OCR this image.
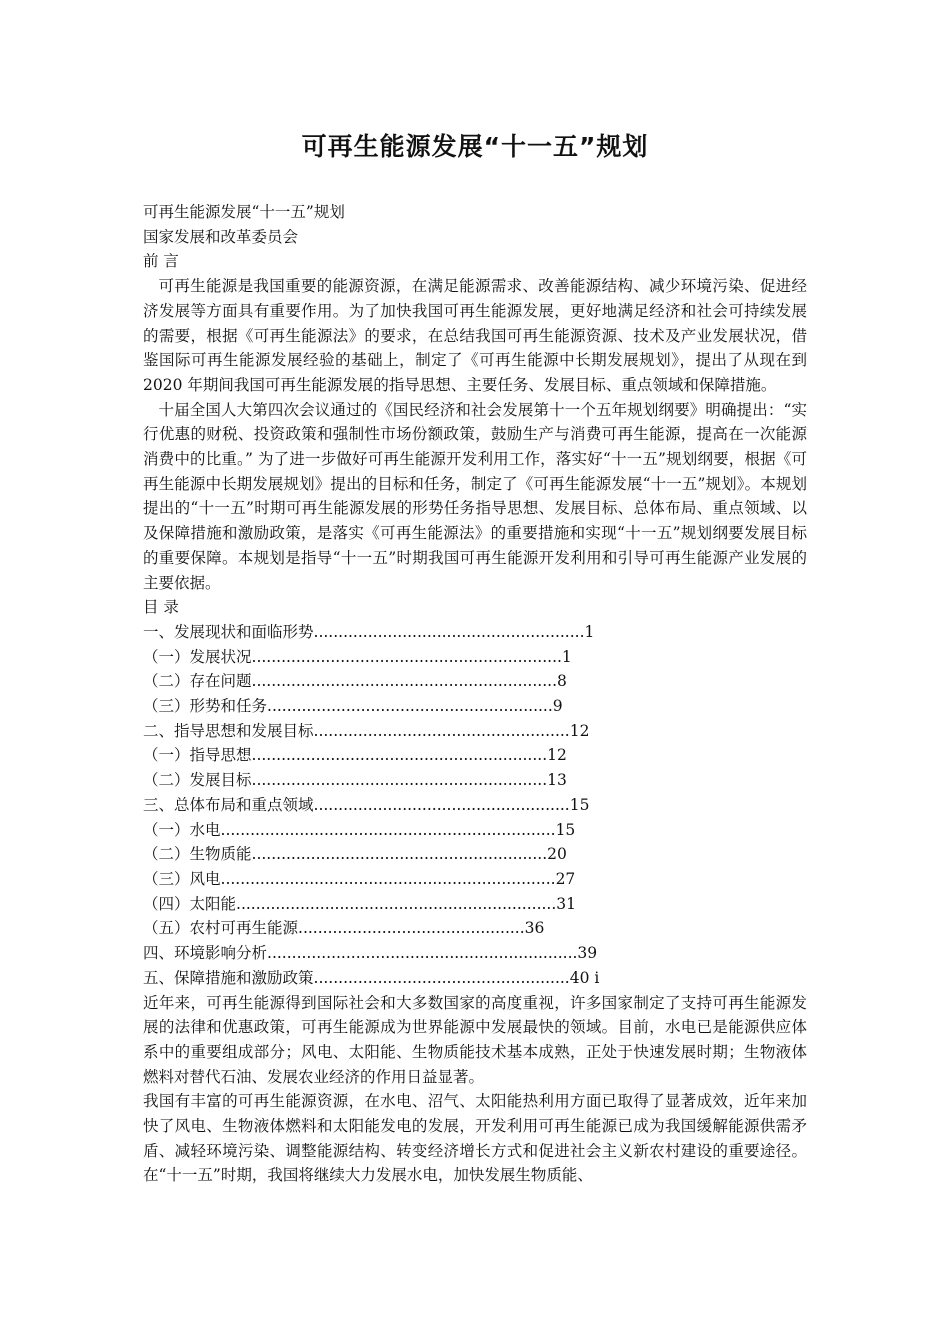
可再生能源发展“十一五”规划
可再生能源发展“十一五”规划
国家发展和改革委员会
前 言
可再生能源是我国重要的能源资源，在满足能源需求、改善能源结构、减少环境污染、促进经济发展等方面具有重要作用。为了加快我国可再生能源发展，更好地满足经济和社会可持续发展的需要，根据《可再生能源法》的要求，在总结我国可再生能源资源、技术及产业发展状况，借鉴国际可再生能源发展经验的基础上，制定了《可再生能源中长期发展规划》，提出了从现在到 2020 年期间我国可再生能源发展的指导思想、主要任务、发展目标、重点领域和保障措施。
十届全国人大第四次会议通过的《国民经济和社会发展第十一个五年规划纲要》明确提出：“实行优惠的财税、投资政策和强制性市场份额政策，鼓励生产与消费可再生能源，提高在一次能源消费中的比重。” 为了进一步做好可再生能源开发利用工作，落实好“十一五”规划纲要，根据《可再生能源中长期发展规划》提出的目标和任务，制定了《可再生能源发展“十一五”规划》。本规划提出的“十一五”时期可再生能源发展的形势任务指导思想、发展目标、总体布局、重点领域、以及保障措施和激励政策，是落实《可再生能源法》的重要措施和实现“十一五”规划纲要发展目标的重要保障。本规划是指导“十一五”时期我国可再生能源开发利用和引导可再生能源产业发展的主要依据。
目 录
一、发展现状和面临形势.......................................................1
（一）发展状况...............................................................1
（二）存在问题..............................................................8
（三）形势和任务..........................................................9
二、指导思想和发展目标....................................................12
（一）指导思想............................................................12
（二）发展目标............................................................13
三、总体布局和重点领域....................................................15
（一）水电....................................................................15
（二）生物质能............................................................20
（三）风电....................................................................27
（四）太阳能.................................................................31
（五）农村可再生能源..............................................36
四、环境影响分析...............................................................39
五、保障措施和激励政策....................................................40 i
近年来，可再生能源得到国际社会和大多数国家的高度重视，许多国家制定了支持可再生能源发展的法律和优惠政策，可再生能源成为世界能源中发展最快的领域。目前，水电已是能源供应体系中的重要组成部分；风电、太阳能、生物质能技术基本成熟，正处于快速发展时期；生物液体燃料对替代石油、发展农业经济的作用日益显著。
我国有丰富的可再生能源资源，在水电、沼气、太阳能热利用方面已取得了显著成效，近年来加快了风电、生物液体燃料和太阳能发电的发展，开发利用可再生能源已成为我国缓解能源供需矛盾、减轻环境污染、调整能源结构、转变经济增长方式和促进社会主义新农村建设的重要途径。在“十一五”时期，我国将继续大力发展水电，加快发展生物质能、
